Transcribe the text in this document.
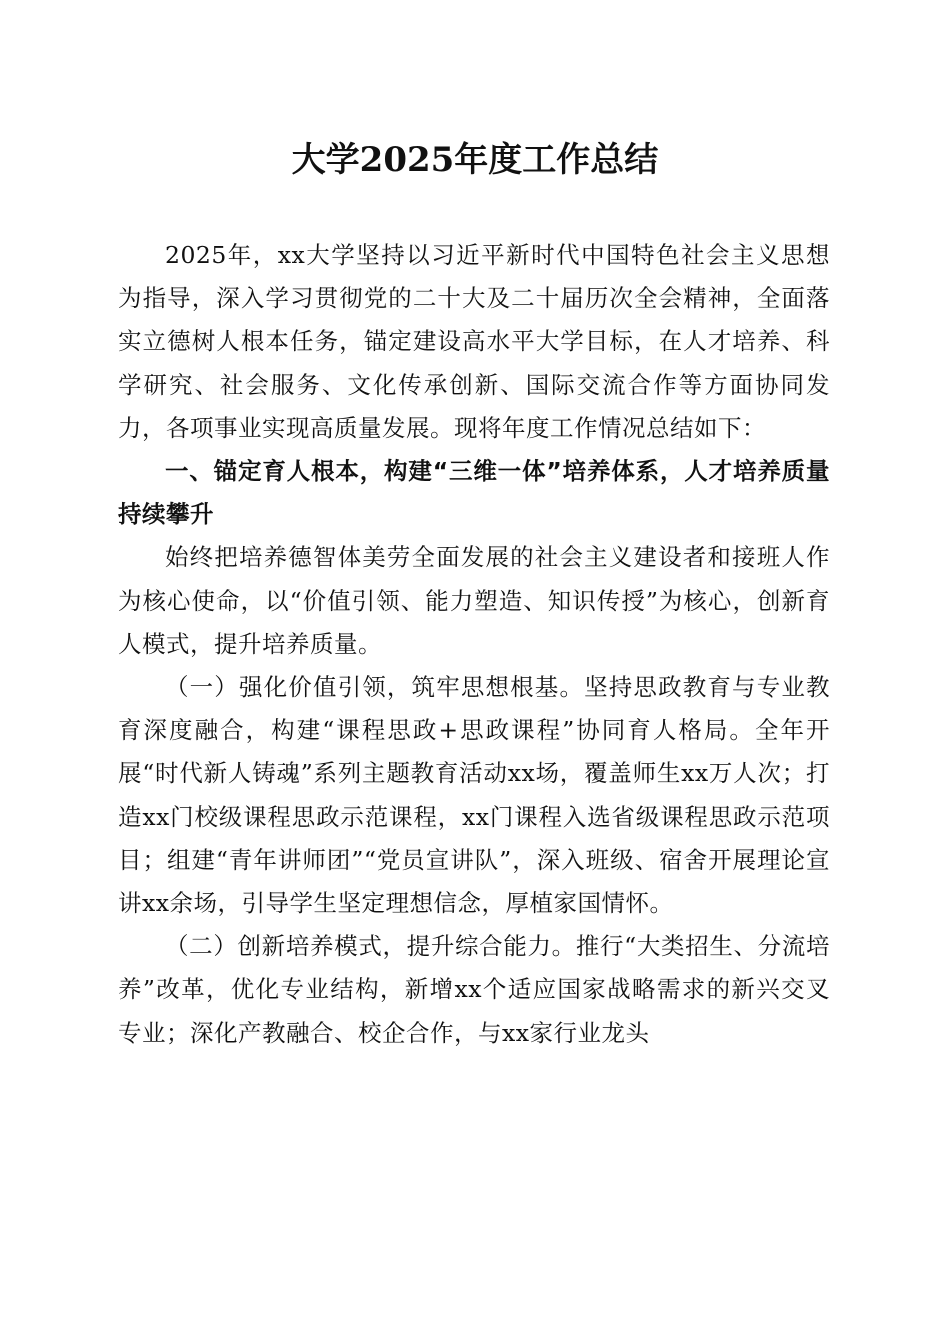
大学2025年度工作总结

2025年，xx大学坚持以习近平新时代中国特色社会主义思想为指导，深入学习贯彻党的二十大及二十届历次全会精神，全面落实立德树人根本任务，锚定建设高水平大学目标，在人才培养、科学研究、社会服务、文化传承创新、国际交流合作等方面协同发力，各项事业实现高质量发展。现将年度工作情况总结如下：

一、锚定育人根本，构建“三维一体”培养体系，人才培养质量持续攀升

始终把培养德智体美劳全面发展的社会主义建设者和接班人作为核心使命，以“价值引领、能力塑造、知识传授”为核心，创新育人模式，提升培养质量。

（一）强化价值引领，筑牢思想根基。坚持思政教育与专业教育深度融合，构建“课程思政+思政课程”协同育人格局。全年开展“时代新人铸魂”系列主题教育活动xx场，覆盖师生xx万人次；打造xx门校级课程思政示范课程，xx门课程入选省级课程思政示范项目；组建“青年讲师团”“党员宣讲队”，深入班级、宿舍开展理论宣讲xx余场，引导学生坚定理想信念，厚植家国情怀。

（二）创新培养模式，提升综合能力。推行“大类招生、分流培养”改革，优化专业结构，新增xx个适应国家战略需求的新兴交叉专业；深化产教融合、校企合作，与xx家行业龙头
